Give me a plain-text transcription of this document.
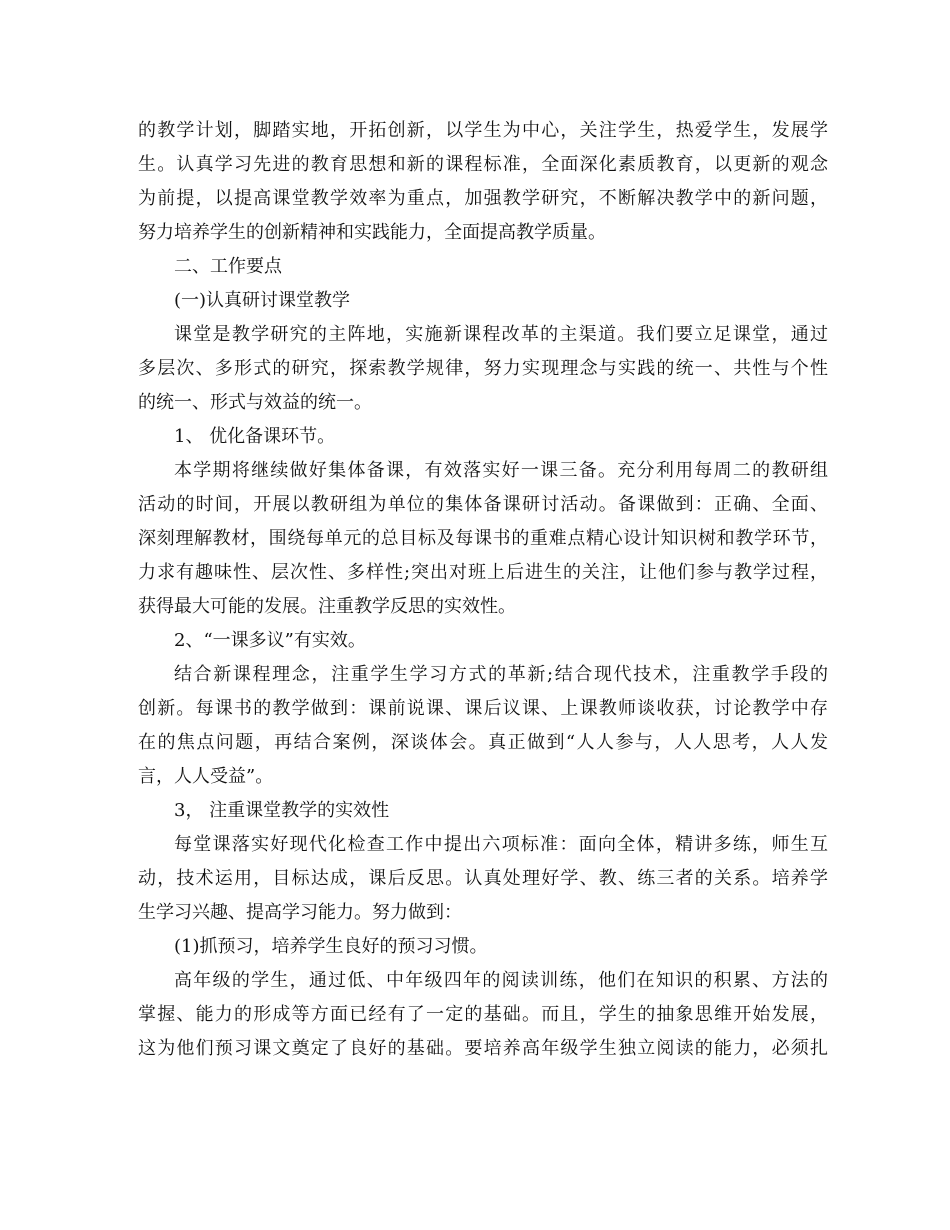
的教学计划，脚踏实地，开拓创新，以学生为中心，关注学生，热爱学生，发展学
生。认真学习先进的教育思想和新的课程标准，全面深化素质教育，以更新的观念
为前提，以提高课堂教学效率为重点，加强教学研究，不断解决教学中的新问题，
努力培养学生的创新精神和实践能力，全面提高教学质量。
二、工作要点
(一)认真研讨课堂教学
课堂是教学研究的主阵地，实施新课程改革的主渠道。我们要立足课堂，通过
多层次、多形式的研究，探索教学规律，努力实现理念与实践的统一、共性与个性
的统一、形式与效益的统一。
1、 优化备课环节。
本学期将继续做好集体备课，有效落实好一课三备。充分利用每周二的教研组
活动的时间，开展以教研组为单位的集体备课研讨活动。备课做到：正确、全面、
深刻理解教材，围绕每单元的总目标及每课书的重难点精心设计知识树和教学环节，
力求有趣味性、层次性、多样性;突出对班上后进生的关注，让他们参与教学过程，
获得最大可能的发展。注重教学反思的实效性。
2、“一课多议”有实效。
结合新课程理念，注重学生学习方式的革新;结合现代技术，注重教学手段的
创新。每课书的教学做到：课前说课、课后议课、上课教师谈收获，讨论教学中存
在的焦点问题，再结合案例，深谈体会。真正做到“人人参与，人人思考，人人发
言，人人受益”。
3， 注重课堂教学的实效性
每堂课落实好现代化检查工作中提出六项标准：面向全体，精讲多练，师生互
动，技术运用，目标达成，课后反思。认真处理好学、教、练三者的关系。培养学
生学习兴趣、提高学习能力。努力做到：
(1)抓预习，培养学生良好的预习习惯。
高年级的学生，通过低、中年级四年的阅读训练，他们在知识的积累、方法的
掌握、能力的形成等方面已经有了一定的基础。而且，学生的抽象思维开始发展，
这为他们预习课文奠定了良好的基础。要培养高年级学生独立阅读的能力，必须扎
